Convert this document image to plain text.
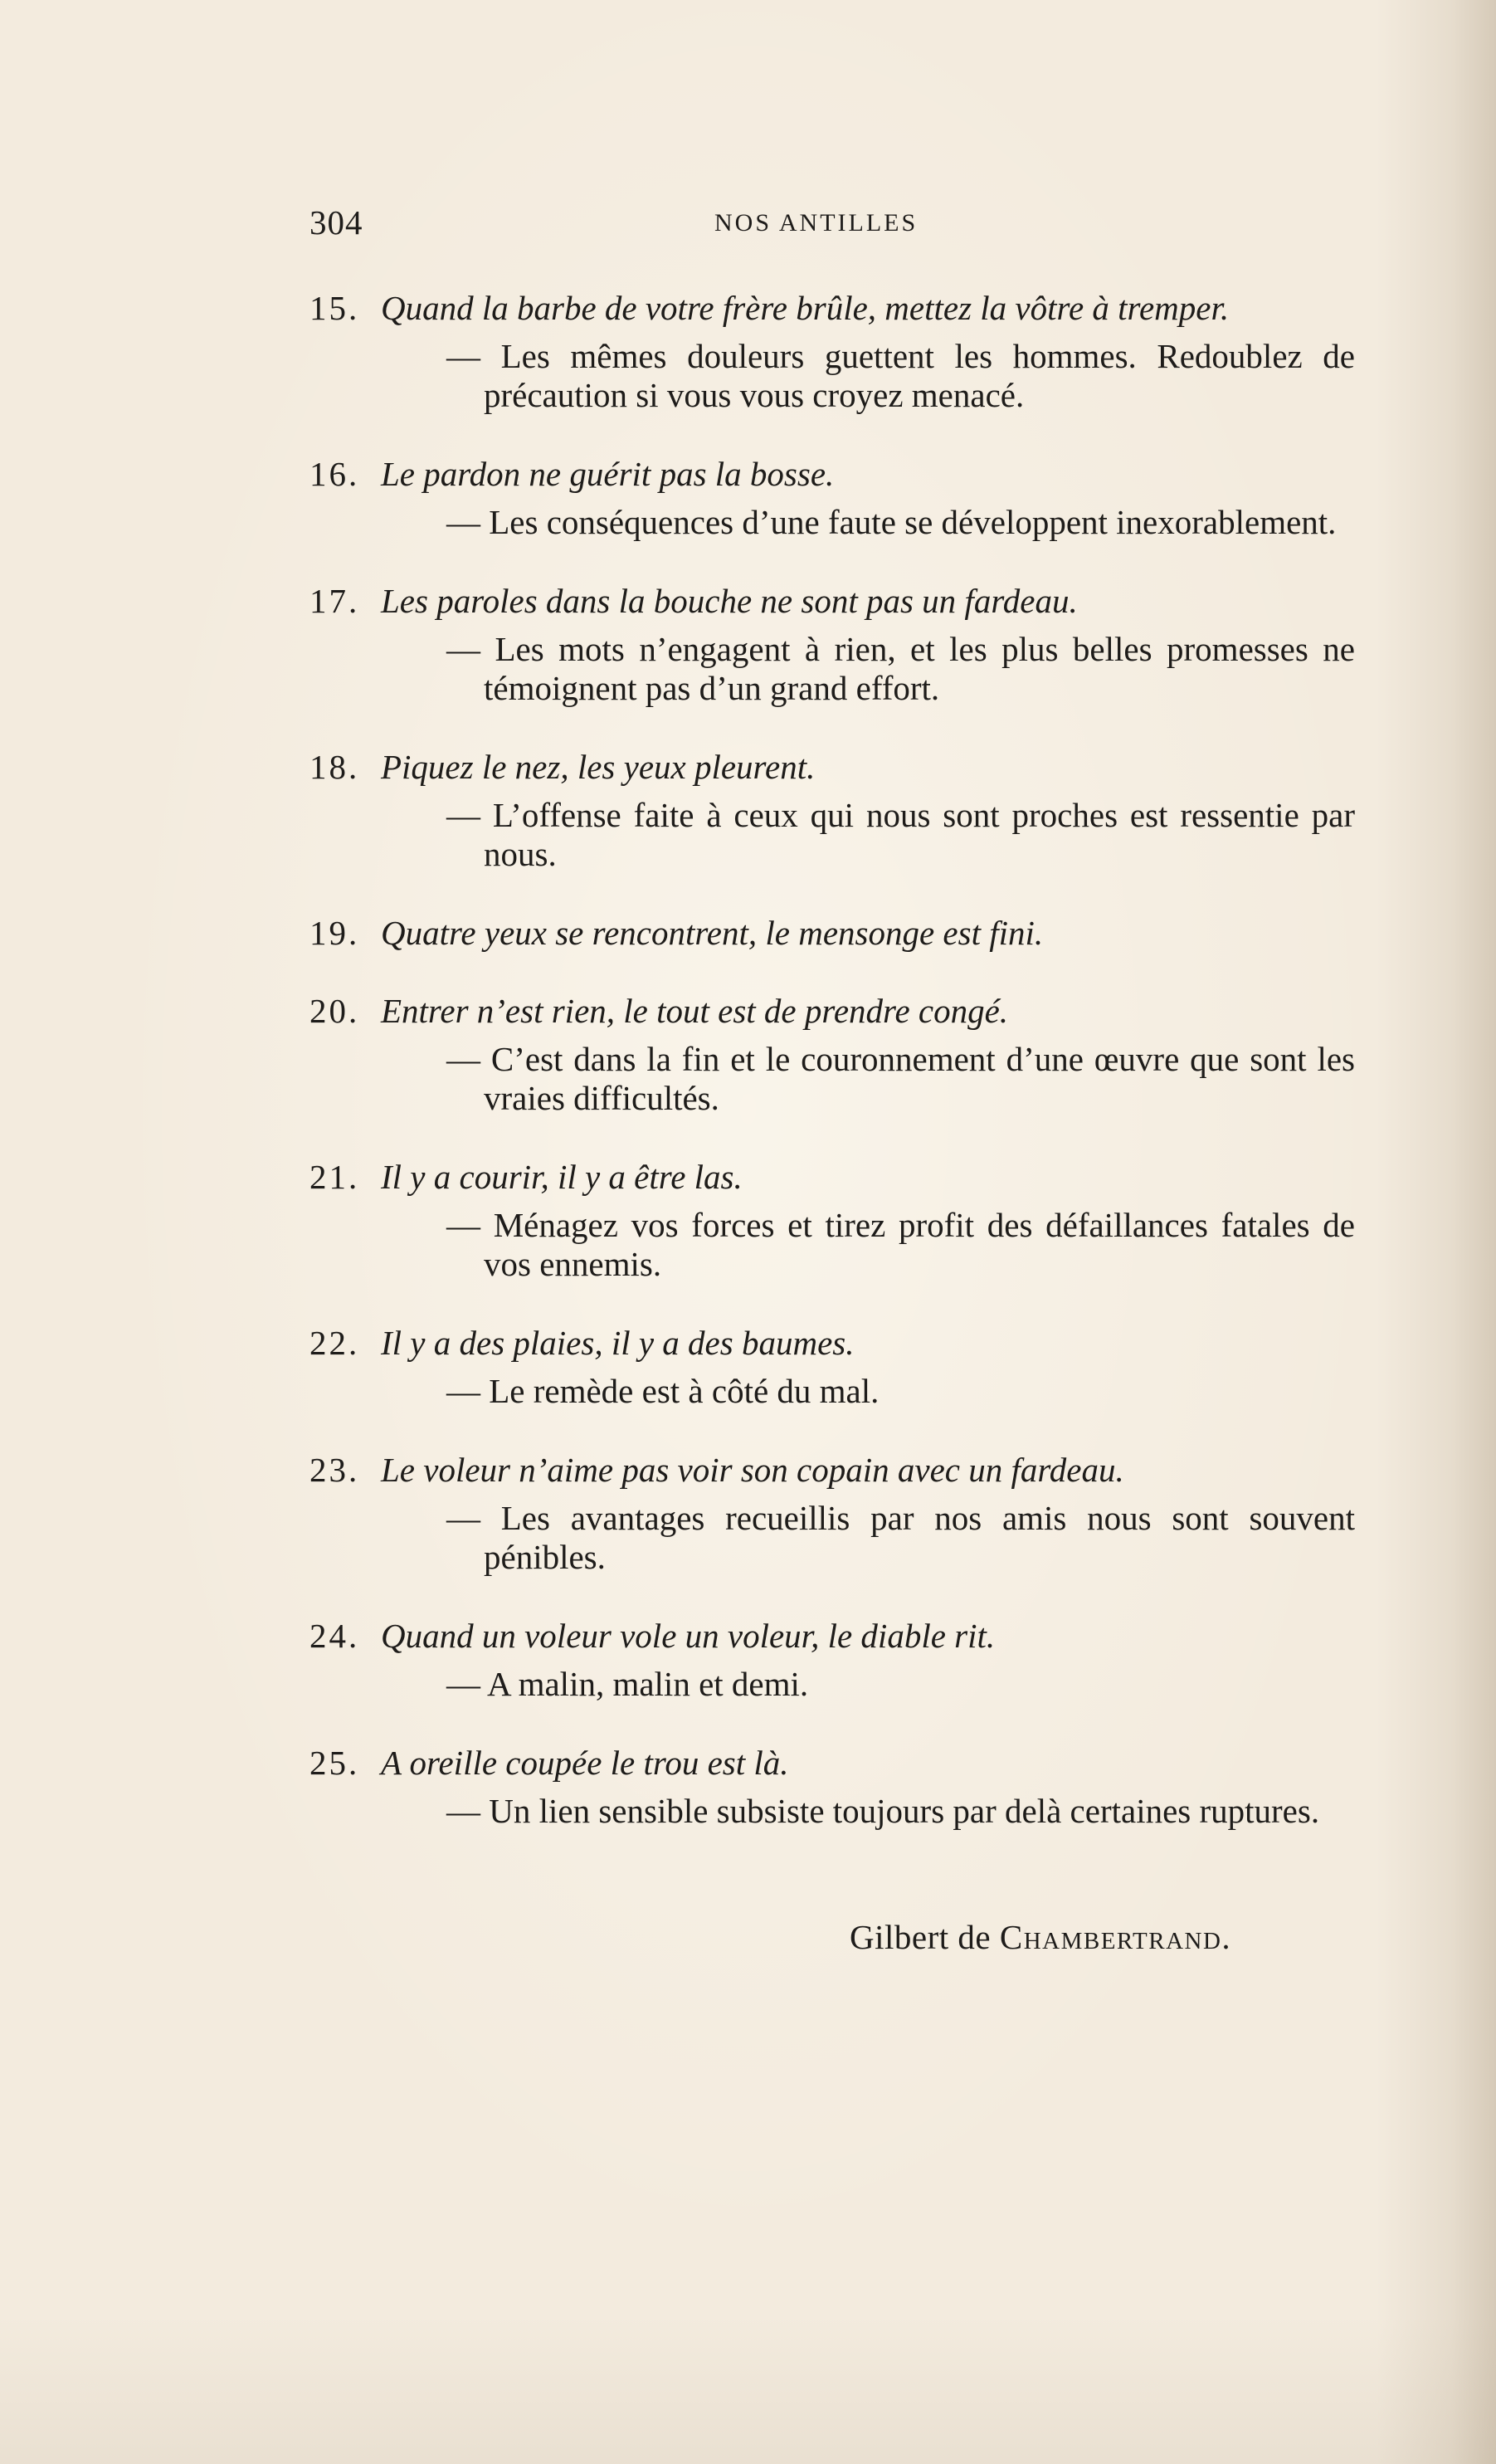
304	NOS ANTILLES
15. Quand la barbe de votre frère brûle, mettez la vôtre à tremper.
— Les mêmes douleurs guettent les hommes. Redoublez de précaution si vous vous croyez menacé.
16. Le pardon ne guérit pas la bosse.
— Les conséquences d’une faute se développent inexorablement.
17. Les paroles dans la bouche ne sont pas un fardeau.
— Les mots n’engagent à rien, et les plus belles promesses ne témoignent pas d’un grand effort.
18. Piquez le nez, les yeux pleurent.
— L’offense faite à ceux qui nous sont proches est ressentie par nous.
19. Quatre yeux se rencontrent, le mensonge est fini.
20. Entrer n’est rien, le tout est de prendre congé.
— C’est dans la fin et le couronnement d’une œuvre que sont les vraies difficultés.
21. Il y a courir, il y a être las.
— Ménagez vos forces et tirez profit des défaillances fatales de vos ennemis.
22. Il y a des plaies, il y a des baumes.
— Le remède est à côté du mal.
23. Le voleur n’aime pas voir son copain avec un fardeau.
— Les avantages recueillis par nos amis nous sont souvent pénibles.
24. Quand un voleur vole un voleur, le diable rit.
— A malin, malin et demi.
25. A oreille coupée le trou est là.
— Un lien sensible subsiste toujours par delà certaines ruptures.
Gilbert de Chambertrand.
